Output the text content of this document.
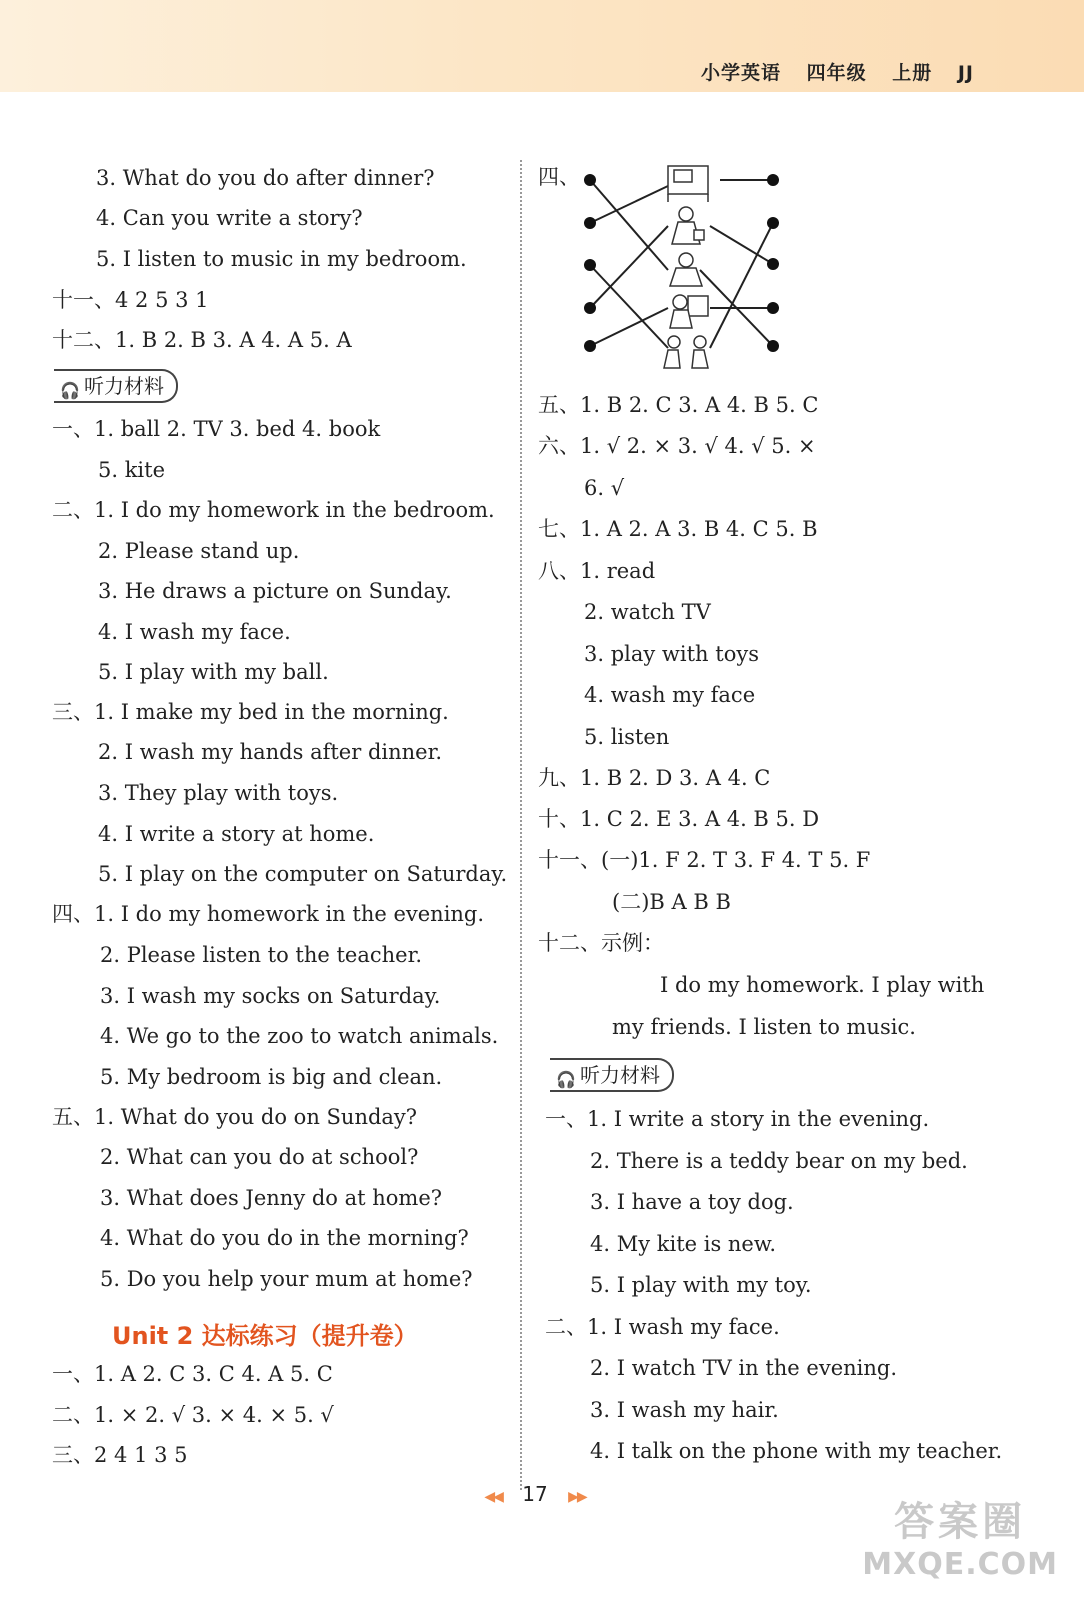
小学英语 四年级 上册 JJ
3. What do you do after dinner?
4. Can you write a story?
5. I listen to music in my bedroom.
十一、4 2 5 3 1
十二、1. B 2. B 3. A 4. A 5. A
一、1. ball 2. TV 3. bed 4. book
5. kite
二、1. I do my homework in the bedroom.
2. Please stand up.
3. He draws a picture on Sunday.
4. I wash my face.
5. I play with my ball.
三、1. I make my bed in the morning.
2. I wash my hands after dinner.
3. They play with toys.
4. I write a story at home.
5. I play on the computer on Saturday.
四、1. I do my homework in the evening.
2. Please listen to the teacher.
3. I wash my socks on Saturday.
4. We go to the zoo to watch animals.
5. My bedroom is big and clean.
五、1. What do you do on Sunday?
2. What can you do at school?
3. What does Jenny do at home?
4. What do you do in the morning?
5. Do you help your mum at home?
一、1. A 2. C 3. C 4. A 5. C
二、1. × 2. √ 3. × 4. × 5. √
三、2 4 1 3 5
四、
五、1. B 2. C 3. A 4. B 5. C
六、1. √ 2. × 3. √ 4. √ 5. ×
6. √
七、1. A 2. A 3. B 4. C 5. B
八、1. read
2. watch TV
3. play with toys
4. wash my face
5. listen
九、1. B 2. D 3. A 4. C
十、1. C 2. E 3. A 4. B 5. D
十一、(一)1. F 2. T 3. F 4. T 5. F
(二)B A B B
十二、示例：
I do my homework. I play with
my friends. I listen to music.
一、1. I write a story in the evening.
2. There is a teddy bear on my bed.
3. I have a toy dog.
4. My kite is new.
5. I play with my toy.
二、1. I wash my face.
2. I watch TV in the evening.
3. I wash my hair.
4. I talk on the phone with my teacher.
🎧 听力材料
🎧 听力材料
Unit 2 达标练习（提升卷）
◀◀ 17 ▶▶
答案圈
MXQE.COM
